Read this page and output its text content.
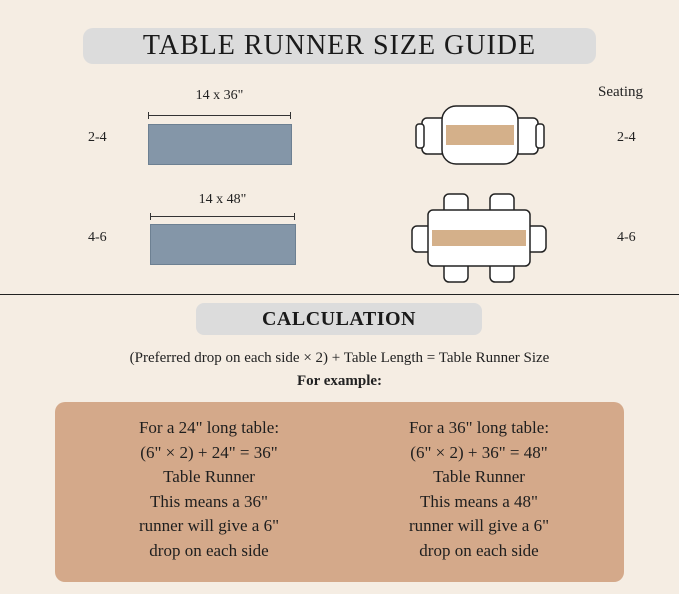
TABLE RUNNER SIZE GUIDE
Seating
2-4
14 x 36"
2-4
4-6
14 x 48"
4-6
CALCULATION
(Preferred drop on each side × 2) + Table Length = Table Runner Size
For example:
For a 24" long table:
(6" × 2) + 24" = 36"
Table Runner
This means a 36"
runner will give a 6"
drop on each side
For a 36" long table:
(6" × 2) + 36" = 48"
Table Runner
This means a 48"
runner will give a 6"
drop on each side
